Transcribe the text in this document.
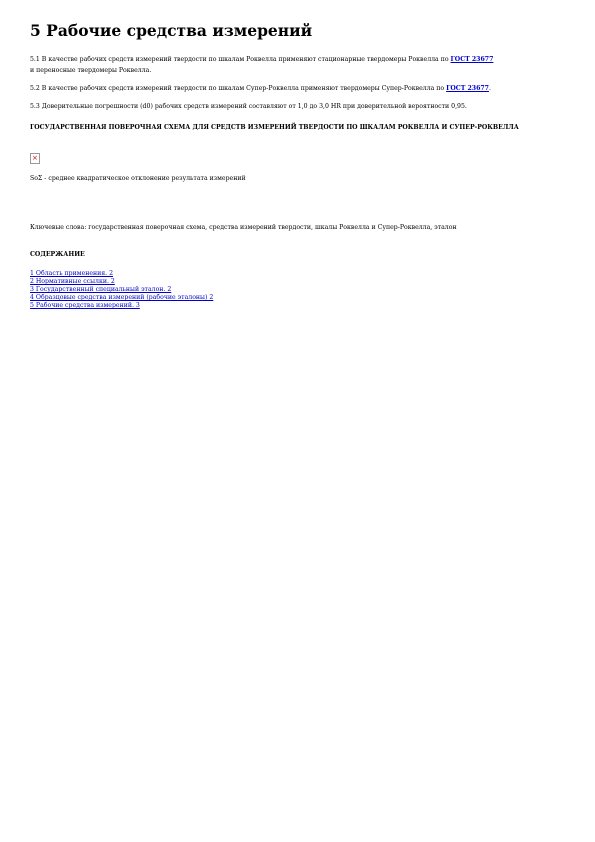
5 Рабочие средства измерений

5.1 В качестве рабочих средств измерений твердости по шкалам Роквелла применяют стационарные твердомеры Роквелла по ГОСТ 23677
и переносные твердомеры Роквелла.

5.2 В качестве рабочих средств измерений твердости по шкалам Супер-Роквелла применяют твердомеры Супер-Роквелла по ГОСТ 23677.

5.3 Доверительные погрешности (d0) рабочих средств измерений составляют от 1,0 до 3,0 HR при доверительной вероятности 0,95.

ГОСУДАРСТВЕННАЯ ПОВЕРОЧНАЯ СХЕМА ДЛЯ СРЕДСТВ ИЗМЕРЕНИЙ ТВЕРДОСТИ ПО ШКАЛАМ РОКВЕЛЛА И СУПЕР-РОКВЕЛЛА

×

SоΣ - среднее квадратическое отклонение результата измерений

Ключевые слова: государственная поверочная схема, средства измерений твердости, шкалы Роквелла и Супер-Роквелла, эталон

СОДЕРЖАНИЕ

1 Область применения. 2
2 Нормативные ссылки. 2
3 Государственный специальный эталон. 2
4 Образцовые средства измерений (рабочие эталоны) 2
5 Рабочие средства измерений. 3
